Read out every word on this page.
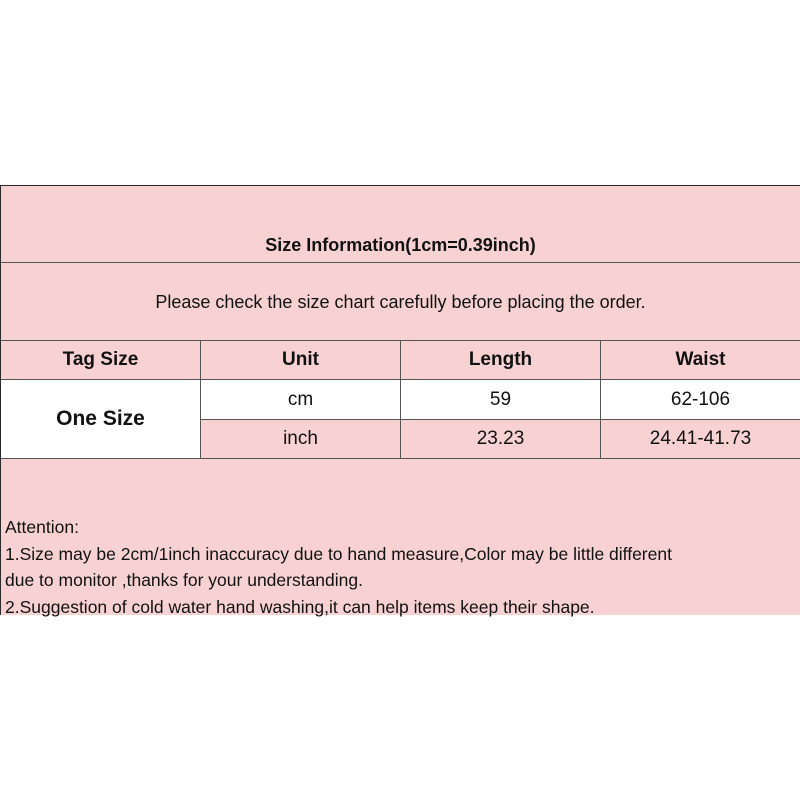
Size Information(1cm=0.39inch)
Please check the size chart carefully before placing the order.
Tag Size	Unit	Length	Waist
One Size
cm	59	62-106
inch	23.23	24.41-41.73
Attention:
1.Size may be 2cm/1inch inaccuracy due to hand measure,Color may be little different
due to monitor ,thanks for your understanding.
2.Suggestion of cold water hand washing,it can help items keep their shape.
